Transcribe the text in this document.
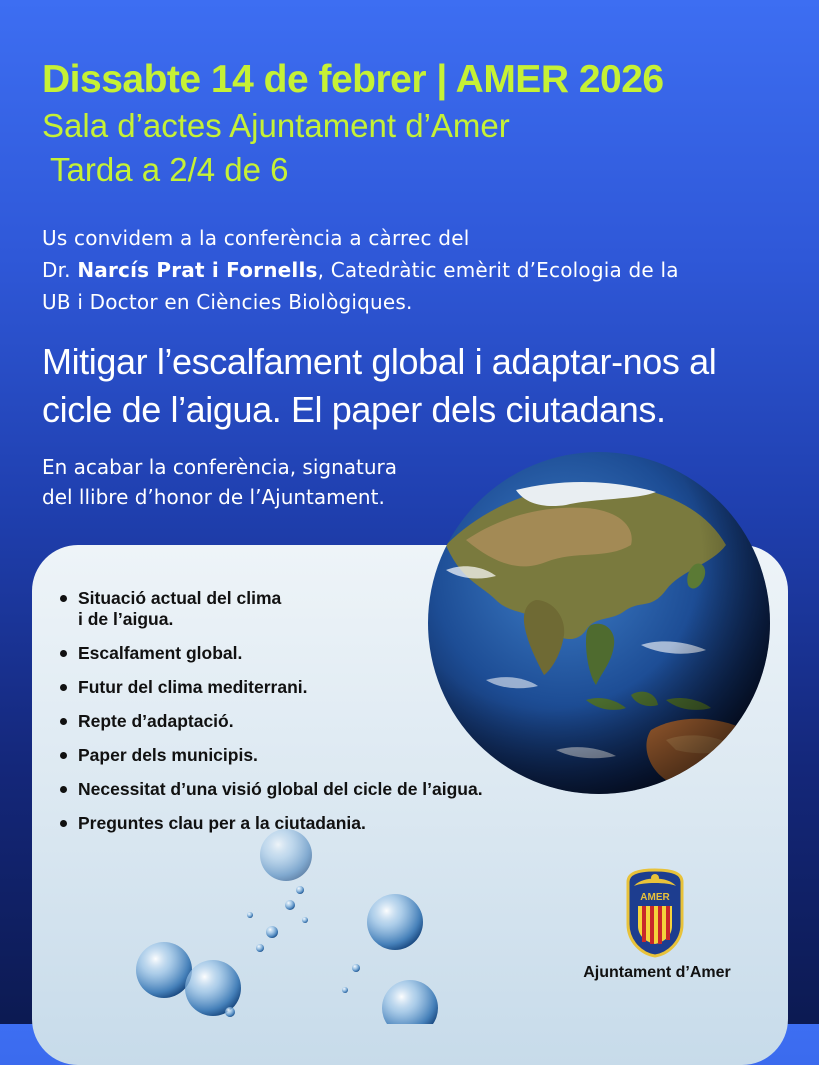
Dissabte 14 de febrer | AMER 2026

Sala d’actes Ajuntament d’Amer

Tarda a 2/4 de 6

Us convidem a la conferència a càrrec del
Dr. Narcís Prat i Fornells, Catedràtic emèrit d’Ecologia de la
UB i Doctor en Ciències Biològiques.
Mitigar l’escalfament global i adaptar-nos al
cicle de l’aigua. El paper dels ciutadans.
En acabar la conferència, signatura
del llibre d’honor de l’Ajuntament.
Situació actual del clima
i de l’aigua.
Escalfament global.
Futur del clima mediterrani.
Repte d’adaptació.
Paper dels municipis.
Necessitat d’una visió global del cicle de l’aigua.
Preguntes clau per a la ciutadania.
AMER
Ajuntament d’Amer
